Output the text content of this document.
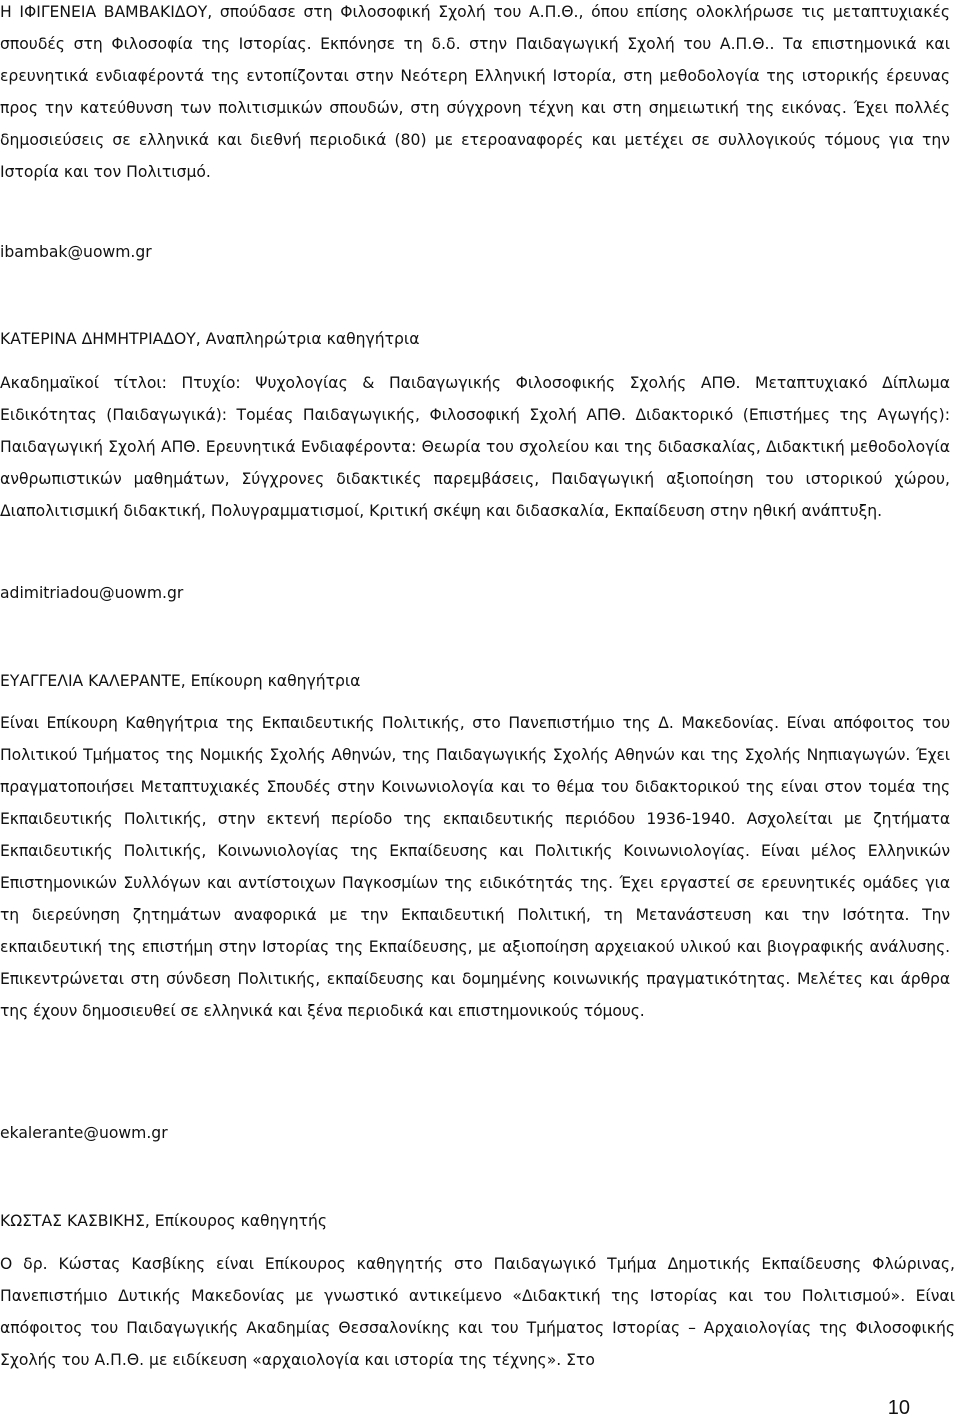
Η ΙΦΙΓΕΝΕΙΑ ΒΑΜΒΑΚΙΔΟΥ, σπούδασε στη Φιλοσοφική Σχολή του Α.Π.Θ., όπου επίσης ολοκλήρωσε τις μεταπτυχιακές σπουδές στη Φιλοσοφία της Ιστορίας. Εκπόνησε τη δ.δ. στην Παιδαγωγική Σχολή του Α.Π.Θ.. Τα επιστημονικά και ερευνητικά ενδιαφέροντά της εντοπίζονται στην Νεότερη Ελληνική Ιστορία, στη μεθοδολογία της ιστορικής έρευνας προς την κατεύθυνση των πολιτισμικών σπουδών, στη σύγχρονη τέχνη και στη σημειωτική της εικόνας. Έχει πολλές δημοσιεύσεις σε ελληνικά και διεθνή περιοδικά (80) με ετεροαναφορές και μετέχει σε συλλογικούς τόμους για την Ιστορία και τον Πολιτισμό.

ibambak@uowm.gr

ΚΑΤΕΡΙΝΑ ΔΗΜΗΤΡΙΑΔΟΥ, Αναπληρώτρια καθηγήτρια

Ακαδημαϊκοί τίτλοι: Πτυχίο: Ψυχολογίας & Παιδαγωγικής Φιλοσοφικής Σχολής ΑΠΘ. Μεταπτυχιακό Δίπλωμα Ειδικότητας (Παιδαγωγικά): Τομέας Παιδαγωγικής, Φιλοσοφική Σχολή ΑΠΘ. Διδακτορικό (Επιστήμες της Αγωγής): Παιδαγωγική Σχολή ΑΠΘ. Ερευνητικά Ενδιαφέροντα: Θεωρία του σχολείου και της διδασκαλίας, Διδακτική μεθοδολογία ανθρωπιστικών μαθημάτων, Σύγχρονες διδακτικές παρεμβάσεις, Παιδαγωγική αξιοποίηση του ιστορικού χώρου, Διαπολιτισμική διδακτική, Πολυγραμματισμοί, Κριτική σκέψη και διδασκαλία, Εκπαίδευση στην ηθική ανάπτυξη.

adimitriadou@uowm.gr

ΕΥΑΓΓΕΛΙΑ ΚΑΛΕΡΑΝΤΕ, Επίκουρη καθηγήτρια

Είναι Επίκουρη Καθηγήτρια της Εκπαιδευτικής Πολιτικής, στο Πανεπιστήμιο της Δ. Μακεδονίας. Είναι απόφοιτος του Πολιτικού Τμήματος της Νομικής Σχολής Αθηνών, της Παιδαγωγικής Σχολής Αθηνών και της Σχολής Νηπιαγωγών. Έχει πραγματοποιήσει Μεταπτυχιακές Σπουδές στην Κοινωνιολογία και το θέμα του διδακτορικού της είναι στον τομέα της Εκπαιδευτικής Πολιτικής, στην εκτενή περίοδο της εκπαιδευτικής περιόδου 1936-1940. Ασχολείται με ζητήματα Εκπαιδευτικής Πολιτικής, Κοινωνιολογίας της Εκπαίδευσης και Πολιτικής Κοινωνιολογίας. Είναι μέλος Ελληνικών Επιστημονικών Συλλόγων και αντίστοιχων Παγκοσμίων της ειδικότητάς της. Έχει εργαστεί σε ερευνητικές ομάδες για τη διερεύνηση ζητημάτων αναφορικά με την Εκπαιδευτική Πολιτική, τη Μετανάστευση και την Ισότητα. Την εκπαιδευτική της επιστήμη στην Ιστορίας της Εκπαίδευσης, με αξιοποίηση αρχειακού υλικού και βιογραφικής ανάλυσης. Επικεντρώνεται στη σύνδεση Πολιτικής, εκπαίδευσης και δομημένης κοινωνικής πραγματικότητας. Μελέτες και άρθρα της έχουν δημοσιευθεί σε ελληνικά και ξένα περιοδικά και επιστημονικούς τόμους.

ekalerante@uowm.gr

ΚΩΣΤΑΣ ΚΑΣΒΙΚΗΣ, Επίκουρος καθηγητής

Ο δρ. Κώστας Κασβίκης είναι Επίκουρος καθηγητής στο Παιδαγωγικό Τμήμα Δημοτικής Εκπαίδευσης Φλώρινας, Πανεπιστήμιο Δυτικής Μακεδονίας με γνωστικό αντικείμενο «Διδακτική της Ιστορίας και του Πολιτισμού». Είναι απόφοιτος του Παιδαγωγικής Ακαδημίας Θεσσαλονίκης και του Τμήματος Ιστορίας – Αρχαιολογίας της Φιλοσοφικής Σχολής του Α.Π.Θ. με ειδίκευση «αρχαιολογία και ιστορία της τέχνης». Στο

10
